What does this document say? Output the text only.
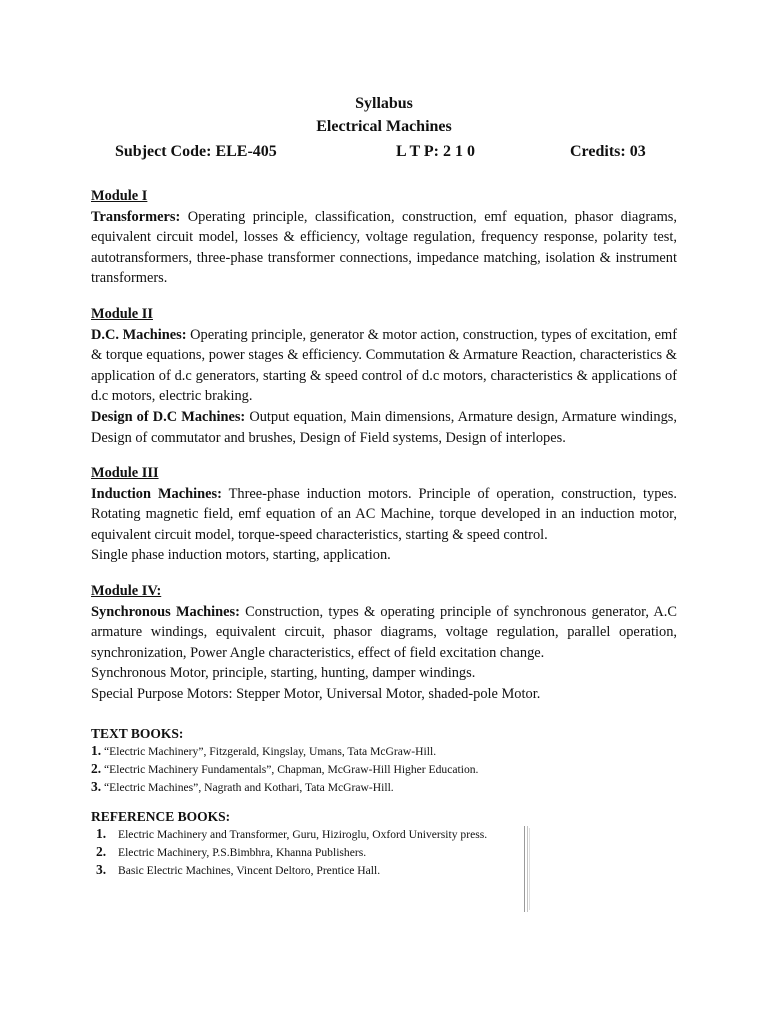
Syllabus
Electrical Machines
Subject Code: ELE-405	L T P: 2 1 0	Credits: 03
Module I

Transformers: Operating principle, classification, construction, emf equation, phasor diagrams, equivalent circuit model, losses & efficiency, voltage regulation, frequency response, polarity test, autotransformers, three-phase transformer connections, impedance matching, isolation & instrument transformers.

Module II

D.C. Machines: Operating principle, generator & motor action, construction, types of excitation, emf & torque equations, power stages & efficiency. Commutation & Armature Reaction, characteristics & application of d.c generators, starting & speed control of d.c motors, characteristics & applications of d.c motors, electric braking.

Design of D.C Machines: Output equation, Main dimensions, Armature design, Armature windings, Design of commutator and brushes, Design of Field systems, Design of interlopes.

Module III

Induction Machines: Three-phase induction motors. Principle of operation, construction, types. Rotating magnetic field, emf equation of an AC Machine, torque developed in an induction motor, equivalent circuit model, torque-speed characteristics, starting & speed control.

Single phase induction motors, starting, application.

Module IV:

Synchronous Machines: Construction, types & operating principle of synchronous generator, A.C armature windings, equivalent circuit, phasor diagrams, voltage regulation, parallel operation, synchronization, Power Angle characteristics, effect of field excitation change.

Synchronous Motor, principle, starting, hunting, damper windings.

Special Purpose Motors: Stepper Motor, Universal Motor, shaded-pole Motor.

TEXT BOOKS:
1. “Electric Machinery”, Fitzgerald, Kingslay, Umans, Tata McGraw-Hill.
2. “Electric Machinery Fundamentals”, Chapman, McGraw-Hill Higher Education.
3. “Electric Machines”, Nagrath and Kothari, Tata McGraw-Hill.
REFERENCE BOOKS:
1. Electric Machinery and Transformer, Guru, Hiziroglu, Oxford University press.
2. Electric Machinery, P.S.Bimbhra, Khanna Publishers.
3. Basic Electric Machines, Vincent Deltoro, Prentice Hall.
